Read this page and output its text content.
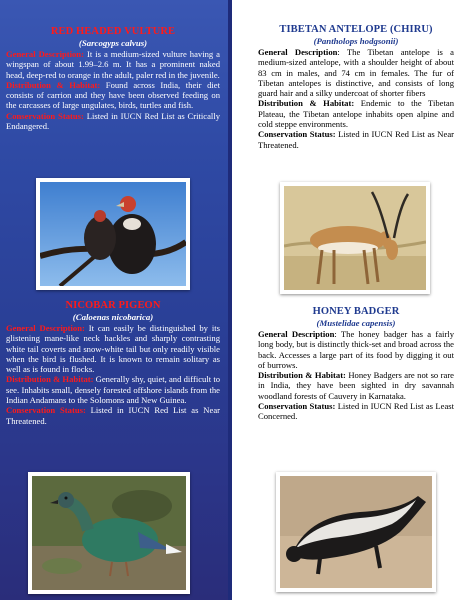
RED HEADED VULTURE
(Sarcogyps calvus)

General Description: It is a medium-sized vulture having a wingspan of about 1.99–2.6 m. It has a prominent naked head, deep-red to orange in the adult, paler red in the juvenile.

Distribution & Habitat: Found across India, their diet consists of carrion and they have been observed feeding on the carcasses of large ungulates, birds, turtles and fish.

Conservation Status: Listed in IUCN Red List as Critically Endangered.

NICOBAR PIGEON
(Caloenas nicobarica)

General Description: It can easily be distinguished by its glistening mane-like neck hackles and sharply contrasting white tail coverts and snow-white tail but only readily visible when the bird is flushed. It is known to remain solitary as well as is found in flocks.

Distribution & Habitat: Generally shy, quiet, and difficult to see. Inhabits small, densely forested offshore islands from the Indian Andamans to the Solomons and New Guinea.

Conservation Status: Listed in IUCN Red List as Near Threatened.

TIBETAN ANTELOPE (CHIRU)
(Pantholops hodgsonii)

General Description: The Tibetan antelope is a medium-sized antelope, with a shoulder height of about 83 cm in males, and 74 cm in females. The fur of Tibetan antelopes is distinctive, and consists of long guard hair and a silky undercoat of shorter fibers

Distribution & Habitat: Endemic to the Tibetan Plateau, the Tibetan antelope inhabits open alpine and cold steppe environments.

Conservation Status: Listed in IUCN Red List as Near Threatened.

HONEY BADGER
(Mustelidae capensis)

General Description: The honey badger has a fairly long body, but is distinctly thick-set and broad across the back. Accesses a large part of its food by digging it out of burrows.

Distribution & Habitat: Honey Badgers are not so rare in India, they have been sighted in dry savannah woodland forests of Cauvery in Karnataka.

Conservation Status: Listed in IUCN Red List as Least Concerned.
